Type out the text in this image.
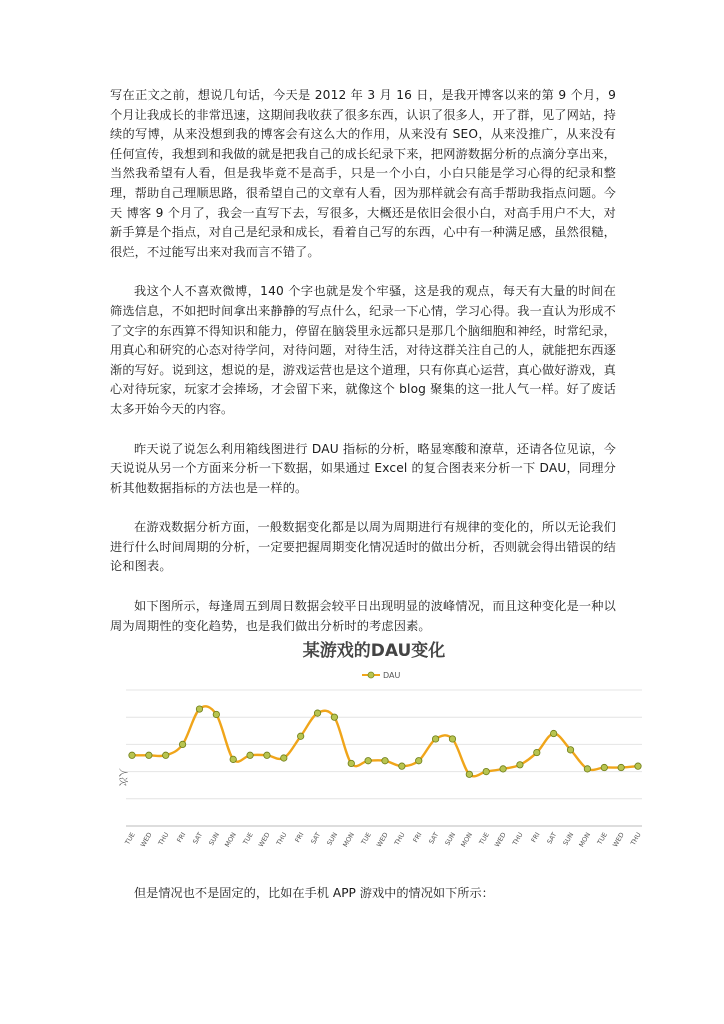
写在正文之前，想说几句话，今天是 2012 年 3 月 16 日，是我开博客以来的第 9 个月，9 个月让我成长的非常迅速，这期间我收获了很多东西，认识了很多人，开了群，见了网站，持续的写博，从来没想到我的博客会有这么大的作用，从来没有 SEO，从来没推广，从来没有任何宣传，我想到和我做的就是把我自己的成长纪录下来，把网游数据分析的点滴分享出来，当然我希望有人看，但是我毕竟不是高手，只是一个小白，小白只能是学习心得的纪录和整理，帮助自己理顺思路，很希望自己的文章有人看，因为那样就会有高手帮助我指点问题。今天 博客 9 个月了，我会一直写下去，写很多，大概还是依旧会很小白，对高手用户不大，对新手算是个指点，对自己是纪录和成长，看着自己写的东西，心中有一种满足感，虽然很糙，很烂，不过能写出来对我而言不错了。

我这个人不喜欢微博，140 个字也就是发个牢骚，这是我的观点，每天有大量的时间在筛选信息，不如把时间拿出来静静的写点什么，纪录一下心情，学习心得。我一直认为形成不了文字的东西算不得知识和能力，停留在脑袋里永远都只是那几个脑细胞和神经，时常纪录，用真心和研究的心态对待学问，对待问题，对待生活，对待这群关注自己的人，就能把东西逐渐的写好。说到这，想说的是，游戏运营也是这个道理，只有你真心运营，真心做好游戏，真心对待玩家，玩家才会捧场，才会留下来，就像这个 blog 聚集的这一批人气一样。好了废话太多开始今天的内容。

昨天说了说怎么利用箱线图进行 DAU 指标的分析，略显寒酸和潦草，还请各位见谅，今天说说从另一个方面来分析一下数据，如果通过 Excel 的复合图表来分析一下 DAU，同理分析其他数据指标的方法也是一样的。

在游戏数据分析方面，一般数据变化都是以周为周期进行有规律的变化的，所以无论我们进行什么时间周期的分析，一定要把握周期变化情况适时的做出分析，否则就会得出错误的结论和图表。

如下图所示，每逢周五到周日数据会较平日出现明显的波峰情况，而且这种变化是一种以周为周期性的变化趋势，也是我们做出分析时的考虑因素。

某游戏的DAU变化
DAU
人次
TUE WED THU FRI SAT SUN MON TUE WED THU FRI SAT SUN MON TUE WED THU FRI SAT SUN MON TUE WED THU FRI SAT SUN MON TUE WED THU
但是情况也不是固定的，比如在手机 APP 游戏中的情况如下所示：
